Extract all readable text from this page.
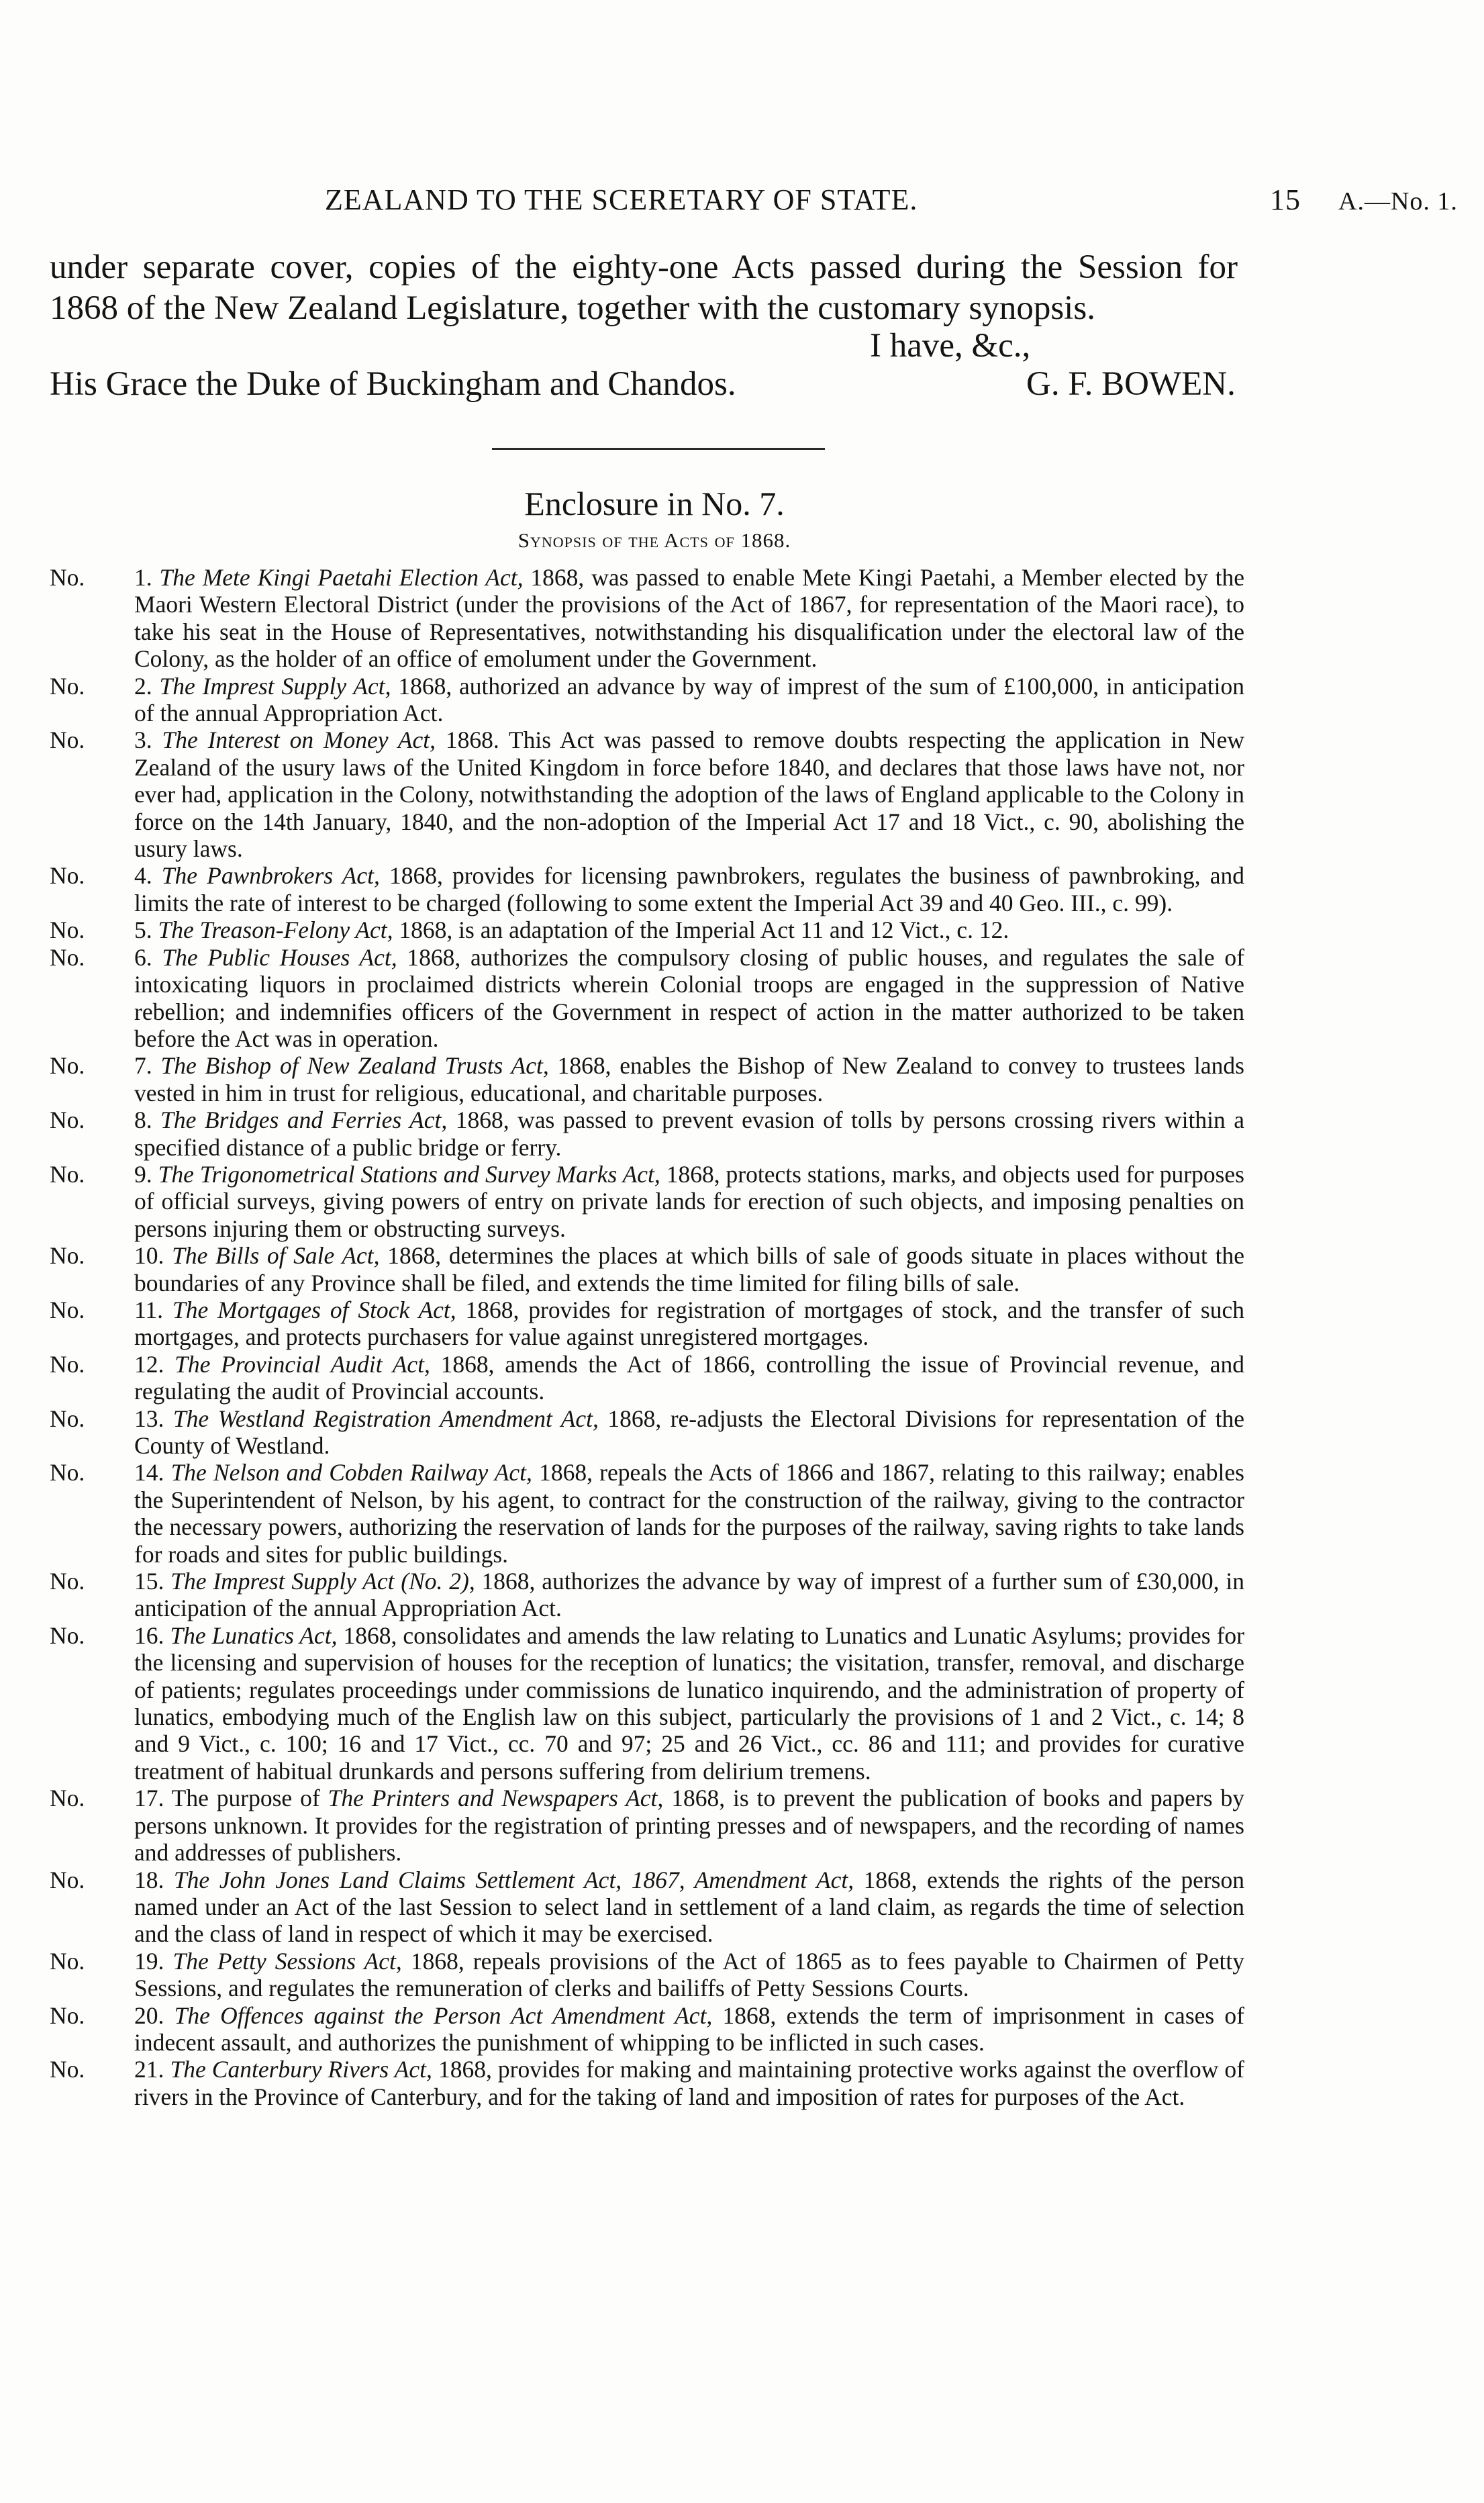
ZEALAND TO THE SCERETARY OF STATE.	15 A.—No. 1.
under separate cover, copies of the eighty-one Acts passed during the Session for
1868 of the New Zealand Legislature, together with the customary synopsis.
I have, &c.,
His Grace the Duke of Buckingham and Chandos.	G. F. BOWEN.
Enclosure in No. 7.
Synopsis of the Acts of 1868.
No. 1. The Mete Kingi Paetahi Election Act, 1868, was passed to enable Mete Kingi Paetahi, a Member elected by the Maori Western Electoral District (under the provisions of the Act of 1867, for representation of the Maori race), to take his seat in the House of Representatives, notwithstanding his disqualification under the electoral law of the Colony, as the holder of an office of emolument under the Government.
No. 2. The Imprest Supply Act, 1868, authorized an advance by way of imprest of the sum of £100,000, in anticipation of the annual Appropriation Act.
No. 3. The Interest on Money Act, 1868. This Act was passed to remove doubts respecting the application in New Zealand of the usury laws of the United Kingdom in force before 1840, and declares that those laws have not, nor ever had, application in the Colony, notwithstanding the adoption of the laws of England applicable to the Colony in force on the 14th January, 1840, and the non-adoption of the Imperial Act 17 and 18 Vict., c. 90, abolishing the usury laws.
No. 4. The Pawnbrokers Act, 1868, provides for licensing pawnbrokers, regulates the business of pawnbroking, and limits the rate of interest to be charged (following to some extent the Imperial Act 39 and 40 Geo. III., c. 99).
No. 5. The Treason-Felony Act, 1868, is an adaptation of the Imperial Act 11 and 12 Vict., c. 12.
No. 6. The Public Houses Act, 1868, authorizes the compulsory closing of public houses, and regulates the sale of intoxicating liquors in proclaimed districts wherein Colonial troops are engaged in the suppression of Native rebellion; and indemnifies officers of the Government in respect of action in the matter authorized to be taken before the Act was in operation.
No. 7. The Bishop of New Zealand Trusts Act, 1868, enables the Bishop of New Zealand to convey to trustees lands vested in him in trust for religious, educational, and charitable purposes.
No. 8. The Bridges and Ferries Act, 1868, was passed to prevent evasion of tolls by persons crossing rivers within a specified distance of a public bridge or ferry.
No. 9. The Trigonometrical Stations and Survey Marks Act, 1868, protects stations, marks, and objects used for purposes of official surveys, giving powers of entry on private lands for erection of such objects, and imposing penalties on persons injuring them or obstructing surveys.
No. 10. The Bills of Sale Act, 1868, determines the places at which bills of sale of goods situate in places without the boundaries of any Province shall be filed, and extends the time limited for filing bills of sale.
No. 11. The Mortgages of Stock Act, 1868, provides for registration of mortgages of stock, and the transfer of such mortgages, and protects purchasers for value against unregistered mortgages.
No. 12. The Provincial Audit Act, 1868, amends the Act of 1866, controlling the issue of Provincial revenue, and regulating the audit of Provincial accounts.
No. 13. The Westland Registration Amendment Act, 1868, re-adjusts the Electoral Divisions for representation of the County of Westland.
No. 14. The Nelson and Cobden Railway Act, 1868, repeals the Acts of 1866 and 1867, relating to this railway; enables the Superintendent of Nelson, by his agent, to contract for the construction of the railway, giving to the contractor the necessary powers, authorizing the reservation of lands for the purposes of the railway, saving rights to take lands for roads and sites for public buildings.
No. 15. The Imprest Supply Act (No. 2), 1868, authorizes the advance by way of imprest of a further sum of £30,000, in anticipation of the annual Appropriation Act.
No. 16. The Lunatics Act, 1868, consolidates and amends the law relating to Lunatics and Lunatic Asylums; provides for the licensing and supervision of houses for the reception of lunatics; the visitation, transfer, removal, and discharge of patients; regulates proceedings under commissions de lunatico inquirendo, and the administration of property of lunatics, embodying much of the English law on this subject, particularly the provisions of 1 and 2 Vict., c. 14; 8 and 9 Vict., c. 100; 16 and 17 Vict., cc. 70 and 97; 25 and 26 Vict., cc. 86 and 111; and provides for curative treatment of habitual drunkards and persons suffering from delirium tremens.
No. 17. The purpose of The Printers and Newspapers Act, 1868, is to prevent the publication of books and papers by persons unknown. It provides for the registration of printing presses and of newspapers, and the recording of names and addresses of publishers.
No. 18. The John Jones Land Claims Settlement Act, 1867, Amendment Act, 1868, extends the rights of the person named under an Act of the last Session to select land in settlement of a land claim, as regards the time of selection and the class of land in respect of which it may be exercised.
No. 19. The Petty Sessions Act, 1868, repeals provisions of the Act of 1865 as to fees payable to Chairmen of Petty Sessions, and regulates the remuneration of clerks and bailiffs of Petty Sessions Courts.
No. 20. The Offences against the Person Act Amendment Act, 1868, extends the term of imprisonment in cases of indecent assault, and authorizes the punishment of whipping to be inflicted in such cases.
No. 21. The Canterbury Rivers Act, 1868, provides for making and maintaining protective works against the overflow of rivers in the Province of Canterbury, and for the taking of land and imposition of rates for purposes of the Act.
